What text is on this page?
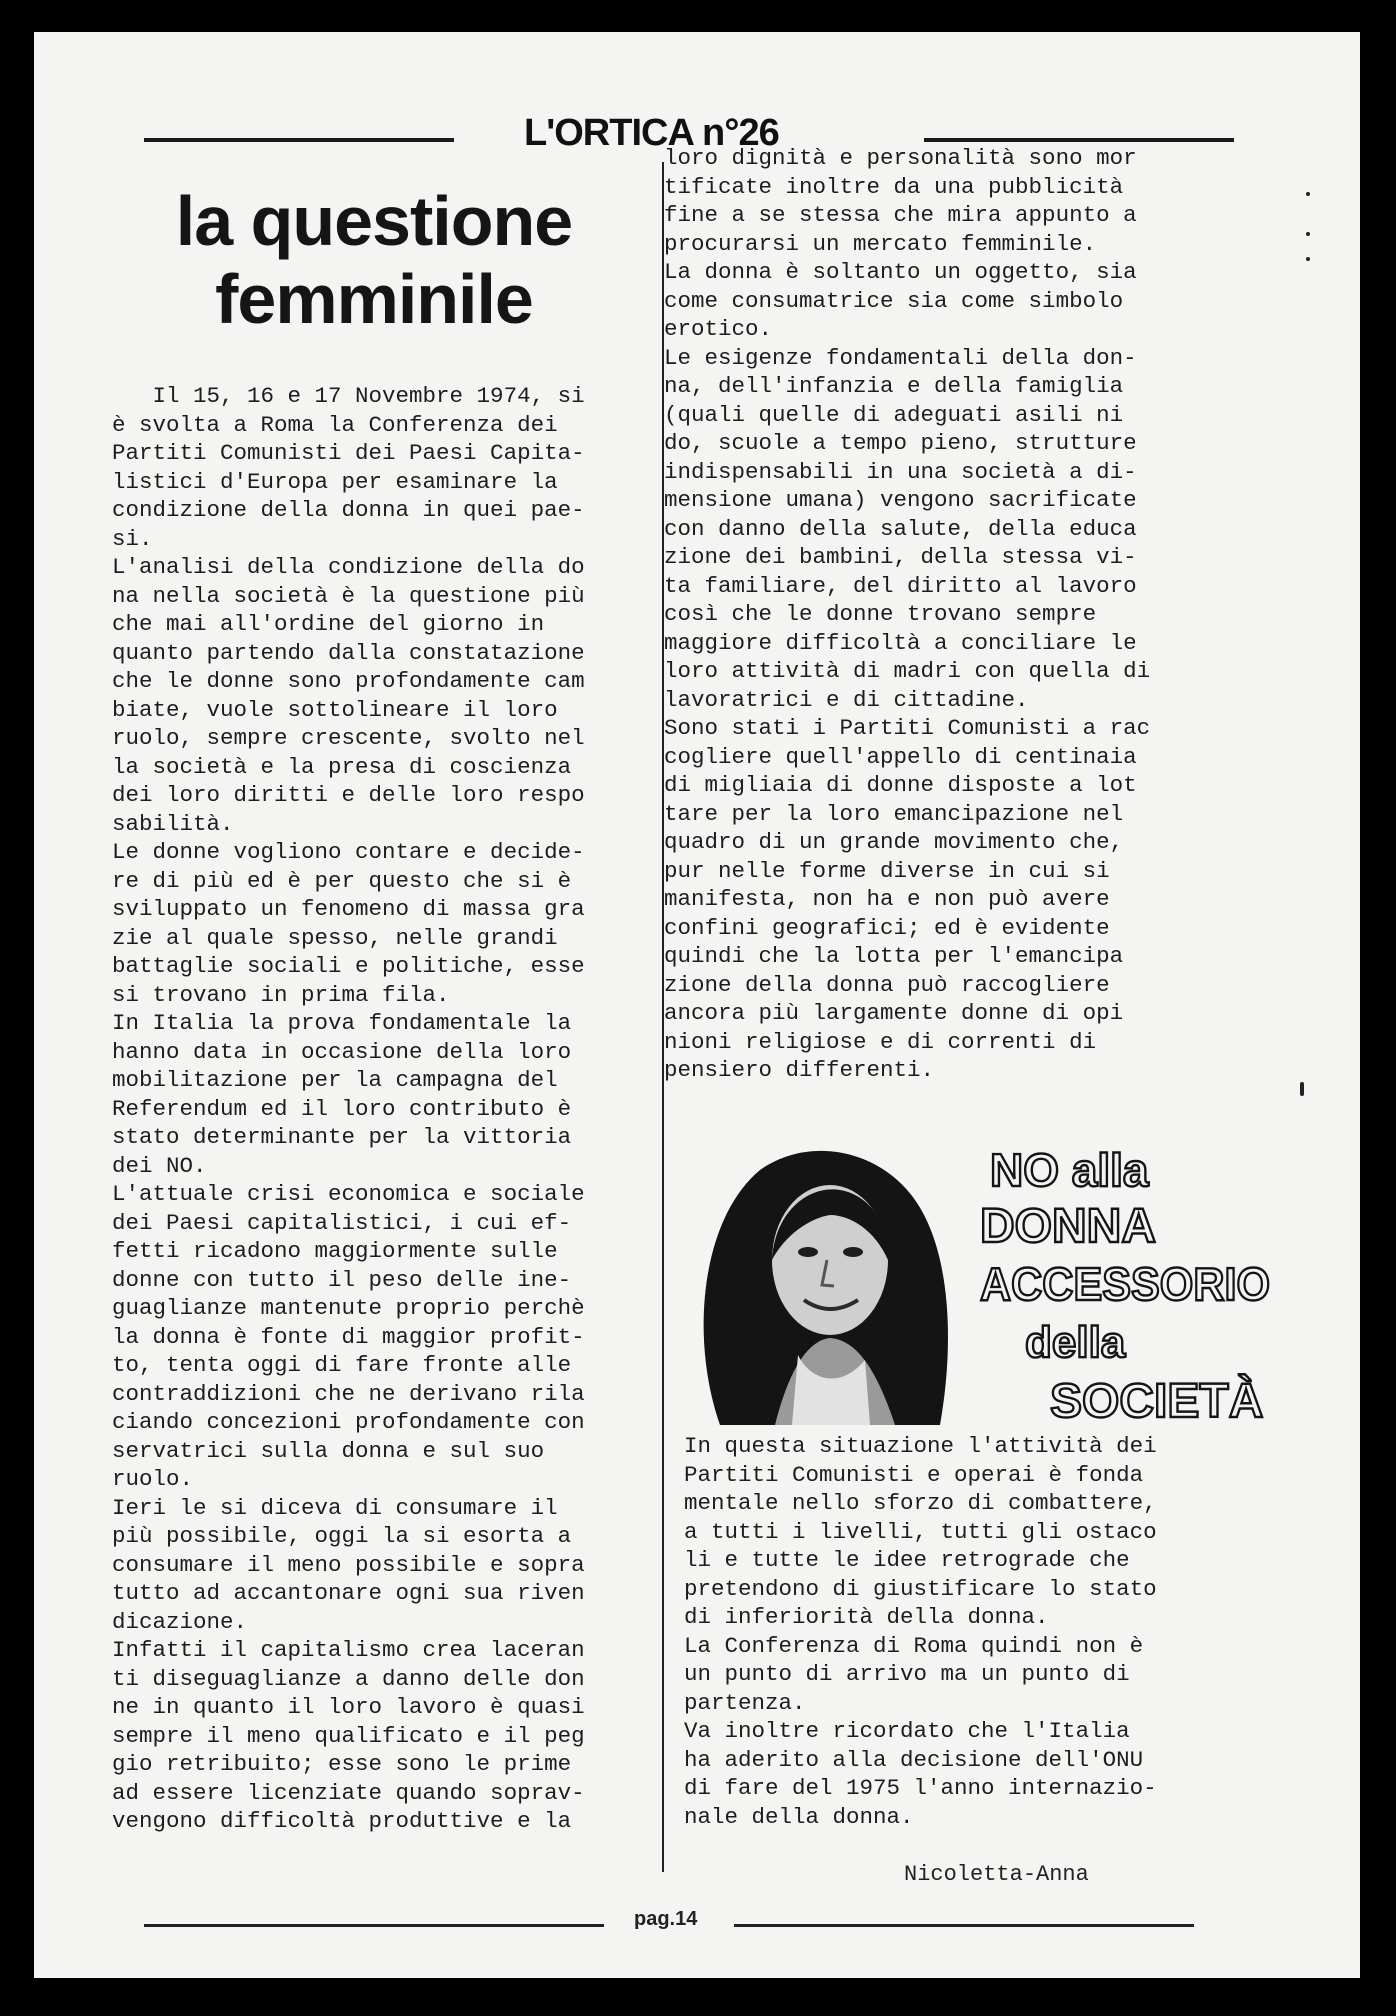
L'ORTICA n°26
la questione
femminile

Il 15, 16 e 17 Novembre 1974, si

è svolta a Roma la Conferenza dei

Partiti Comunisti dei Paesi Capita-

listici d'Europa per esaminare la

condizione della donna in quei pae-

si.

L'analisi della condizione della do

na nella società è la questione più

che mai all'ordine del giorno in

quanto partendo dalla constatazione

che le donne sono profondamente cam

biate, vuole sottolineare il loro

ruolo, sempre crescente, svolto nel

la società e la presa di coscienza

dei loro diritti e delle loro respo

sabilità.

Le donne vogliono contare e decide-

re di più ed è per questo che si è

sviluppato un fenomeno di massa gra

zie al quale spesso, nelle grandi

battaglie sociali e politiche, esse

si trovano in prima fila.

In Italia la prova fondamentale la

hanno data in occasione della loro

mobilitazione per la campagna del

Referendum ed il loro contributo è

stato determinante per la vittoria

dei NO.

L'attuale crisi economica e sociale

dei Paesi capitalistici, i cui ef-

fetti ricadono maggiormente sulle

donne con tutto il peso delle ine-

guaglianze mantenute proprio perchè

la donna è fonte di maggior profit-

to, tenta oggi di fare fronte alle

contraddizioni che ne derivano rila

ciando concezioni profondamente con

servatrici sulla donna e sul suo

ruolo.

Ieri le si diceva di consumare il

più possibile, oggi la si esorta a

consumare il meno possibile e sopra

tutto ad accantonare ogni sua riven

dicazione.

Infatti il capitalismo crea laceran

ti diseguaglianze a danno delle don

ne in quanto il loro lavoro è quasi

sempre il meno qualificato e il peg

gio retribuito; esse sono le prime

ad essere licenziate quando soprav-

vengono difficoltà produttive e la

loro dignità e personalità sono mor

tificate inoltre da una pubblicità

fine a se stessa che mira appunto a

procurarsi un mercato femminile.

La donna è soltanto un oggetto, sia

come consumatrice sia come simbolo

erotico.

Le esigenze fondamentali della don-

na, dell'infanzia e della famiglia

(quali quelle di adeguati asili ni

do, scuole a tempo pieno, strutture

indispensabili in una società a di-

mensione umana) vengono sacrificate

con danno della salute, della educa

zione dei bambini, della stessa vi-

ta familiare, del diritto al lavoro

così che le donne trovano sempre

maggiore difficoltà a conciliare le

loro attività di madri con quella di

lavoratrici e di cittadine.

Sono stati i Partiti Comunisti a rac

cogliere quell'appello di centinaia

di migliaia di donne disposte a lot

tare per la loro emancipazione nel

quadro di un grande movimento che,

pur nelle forme diverse in cui si

manifesta, non ha e non può avere

confini geografici; ed è evidente

quindi che la lotta per l'emancipa

zione della donna può raccogliere

ancora più largamente donne di opi

nioni religiose e di correnti di

pensiero differenti.

NO alla
DONNA
ACCESSORIO
della
SOCIETÀ

In questa situazione l'attività dei

Partiti Comunisti e operai è fonda

mentale nello sforzo di combattere,

a tutti i livelli, tutti gli ostaco

li e tutte le idee retrograde che

pretendono di giustificare lo stato

di inferiorità della donna.

La Conferenza di Roma quindi non è

un punto di arrivo ma un punto di

partenza.

Va inoltre ricordato che l'Italia

ha aderito alla decisione dell'ONU

di fare del 1975 l'anno internazio-

nale della donna.

Nicoletta-Anna
pag.14
